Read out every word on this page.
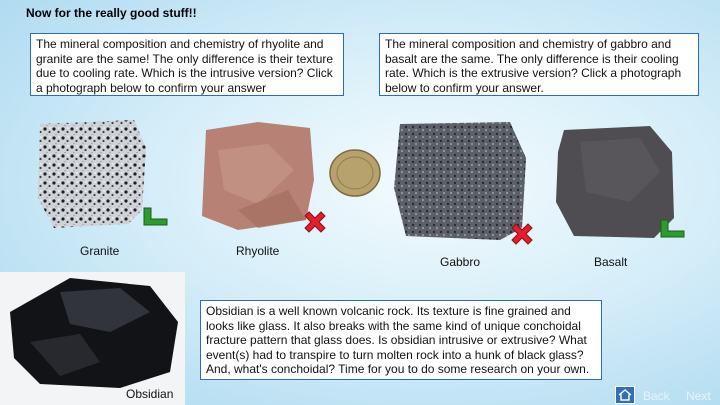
Now for the really good stuff!!
The mineral composition and chemistry of rhyolite and granite are the same! The only difference is their texture due to cooling rate. Which is the intrusive version? Click a photograph below to confirm your answer
The mineral composition and chemistry of gabbro and basalt are the same. The only difference is their cooling rate. Which is the extrusive version? Click a photograph below to confirm your answer.
Granite	Rhyolite
Gabbro	Basalt
Obsidian
Obsidian is a well known volcanic rock. Its texture is fine grained and looks like glass. It also breaks with the same kind of unique conchoidal fracture pattern that glass does. Is obsidian intrusive or extrusive? What event(s) had to transpire to turn molten rock into a hunk of black glass? And, what's conchoidal? Time for you to do some research on your own.
Back Next
